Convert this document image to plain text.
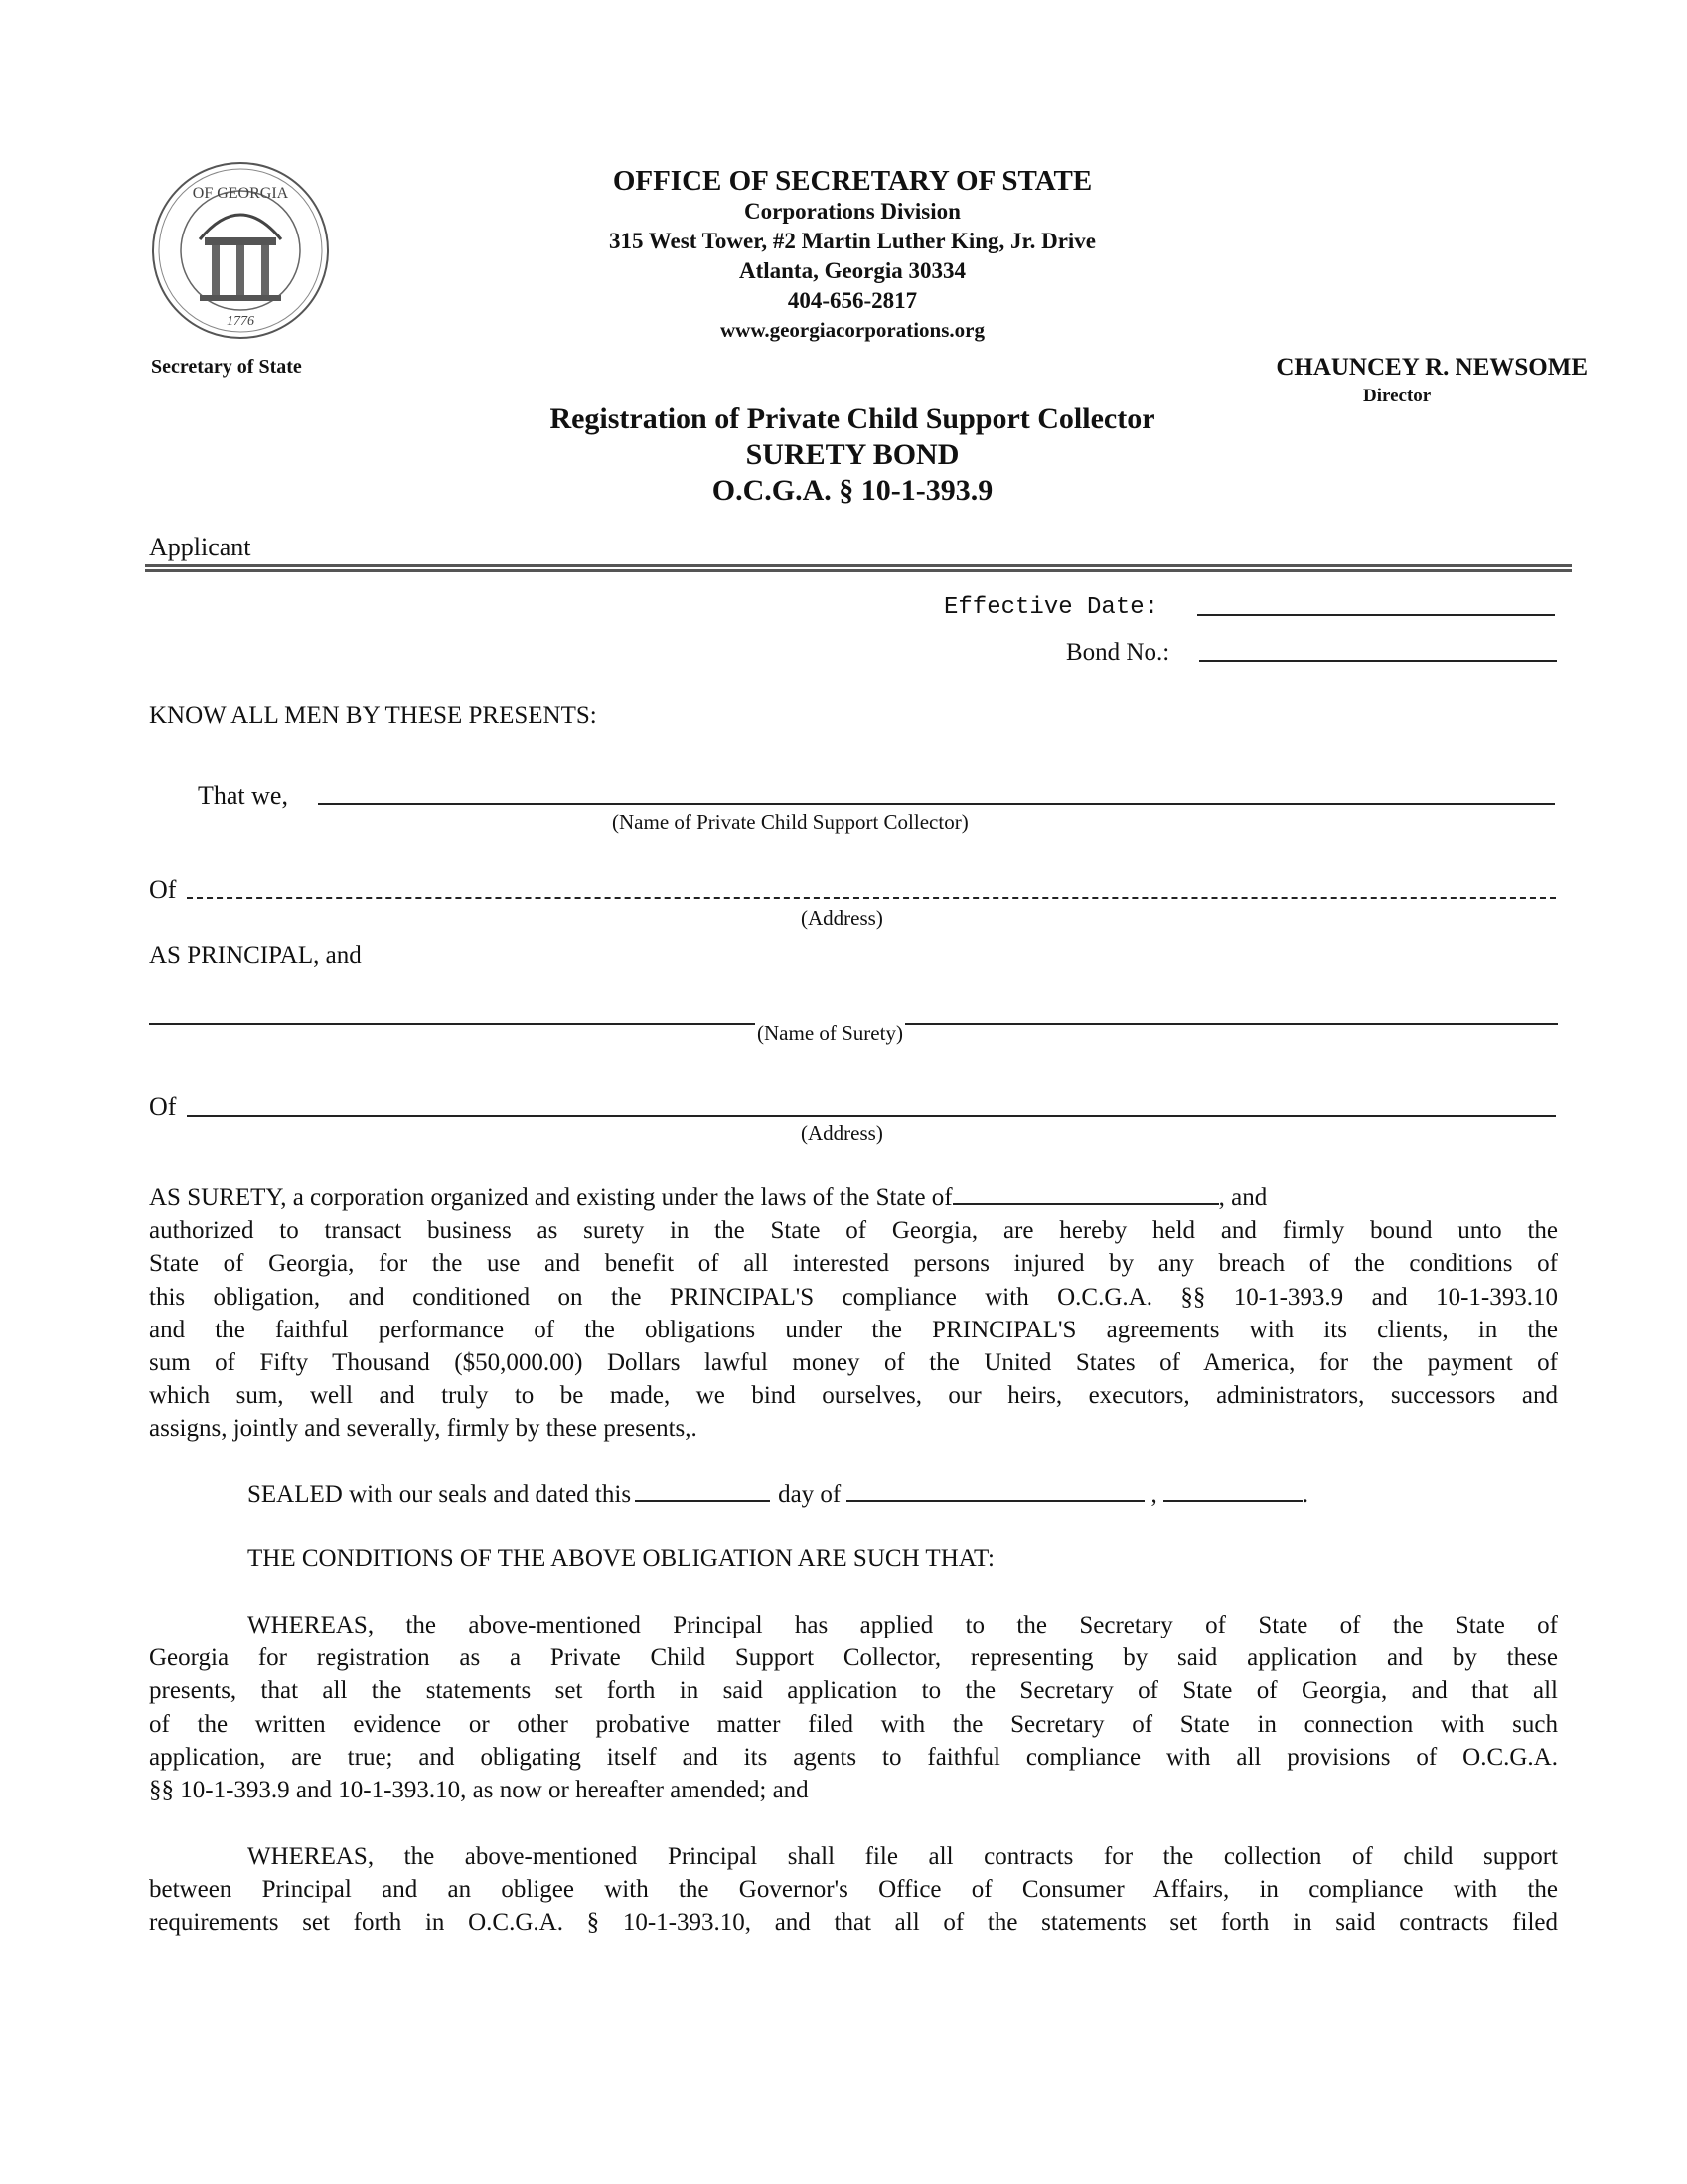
OF GEORGIA
1776
OFFICE OF SECRETARY OF STATE
Corporations Division
315 West Tower, #2 Martin Luther King, Jr. Drive
Atlanta, Georgia 30334
404-656-2817
www.georgiacorporations.org
Secretary of State	CHAUNCEY R. NEWSOME
Director
Registration of Private Child Support Collector
SURETY BOND
O.C.G.A. § 10-1-393.9
Applicant
Effective Date:
Bond No.:
KNOW ALL MEN BY THESE PRESENTS:
That we,
(Name of Private Child Support Collector)
Of
(Address)
AS PRINCIPAL, and
(Name of Surety)
Of
(Address)
AS SURETY, a corporation organized and existing under the laws of the State of	, and
authorized to transact business as surety in the State of Georgia, are hereby held and firmly bound unto the
State of Georgia, for the use and benefit of all interested persons injured by any breach of the conditions of
this obligation, and conditioned on the PRINCIPAL'S compliance with O.C.G.A. §§ 10-1-393.9 and 10-1-393.10
and the faithful performance of the obligations under the PRINCIPAL'S agreements with its clients, in the
sum of Fifty Thousand ($50,000.00) Dollars lawful money of the United States of America, for the payment of
which sum, well and truly to be made, we bind ourselves, our heirs, executors, administrators, successors and
assigns, jointly and severally, firmly by these presents,.
SEALED with our seals and dated this	day of	,	.
THE CONDITIONS OF THE ABOVE OBLIGATION ARE SUCH THAT:
WHEREAS, the above-mentioned Principal has applied to the Secretary of State of the State of
Georgia for registration as a Private Child Support Collector, representing by said application and by these
presents, that all the statements set forth in said application to the Secretary of State of Georgia, and that all
of the written evidence or other probative matter filed with the Secretary of State in connection with such
application, are true; and obligating itself and its agents to faithful compliance with all provisions of O.C.G.A.
§§ 10-1-393.9 and 10-1-393.10, as now or hereafter amended; and
WHEREAS, the above-mentioned Principal shall file all contracts for the collection of child support
between Principal and an obligee with the Governor's Office of Consumer Affairs, in compliance with the
requirements set forth in O.C.G.A. § 10-1-393.10, and that all of the statements set forth in said contracts filed
